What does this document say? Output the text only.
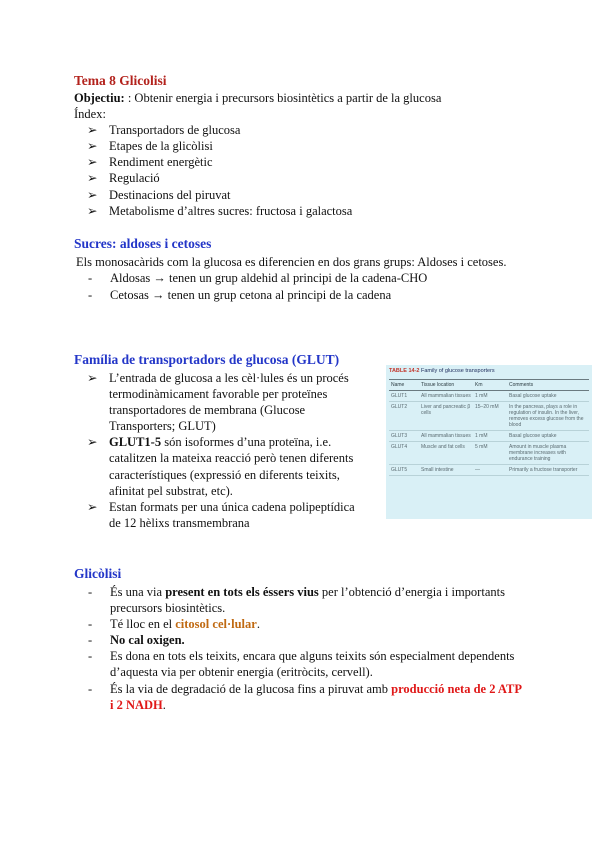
Tema 8 Glicolisi
Objectiu: : Obtenir energia i precursors biosintètics a partir de la glucosa
Índex:
➢ Transportadors de glucosa
➢ Etapes de la glicòlisi
➢ Rendiment energètic
➢ Regulació
➢ Destinacions del piruvat
➢ Metabolisme d’altres sucres: fructosa i galactosa
Sucres: aldoses i cetoses
Els monosacàrids com la glucosa es diferencien en dos grans grups: Aldoses i cetoses.
- Aldosas → tenen un grup aldehid al principi de la cadena-CHO
- Cetosas → tenen un grup cetona al principi de la cadena
Família de transportadors de glucosa (GLUT)
➢ L’entrada de glucosa a les cèl·lules és un procés
termodinàmicament favorable per proteïnes
transportadores de membrana (Glucose
Transporters; GLUT)
➢ GLUT1-5 són isoformes d’una proteïna, i.e.
catalitzen la mateixa reacció però tenen diferents
característiques (expressió en diferents teixits,
afinitat pel substrat, etc).
➢ Estan formats per una única cadena polipeptídica
de 12 hèlixs transmembrana
TABLE 14-2 Family of glucose transporters
Name	Tissue location	Km	Comments
GLUT1	All mammalian tissues	1 mM	Basal glucose uptake
GLUT2	Liver and pancreatic β cells	15–20 mM	In the pancreas, plays a role in regulation of insulin. In the liver, removes excess glucose from the blood
GLUT3	All mammalian tissues	1 mM	Basal glucose uptake
GLUT4	Muscle and fat cells	5 mM	Amount in muscle plasma membrane increases with endurance training
GLUT5	Small intestine	—	Primarily a fructose transporter
Glicòlisi
- És una via present en tots els éssers vius per l’obtenció d’energia i importants
precursors biosintètics.
- Té lloc en el citosol cel·lular.
- No cal oxigen.
- Es dona en tots els teixits, encara que alguns teixits són especialment dependents
d’aquesta via per obtenir energia (eritròcits, cervell).
- És la via de degradació de la glucosa fins a piruvat amb producció neta de 2 ATP
i 2 NADH.
